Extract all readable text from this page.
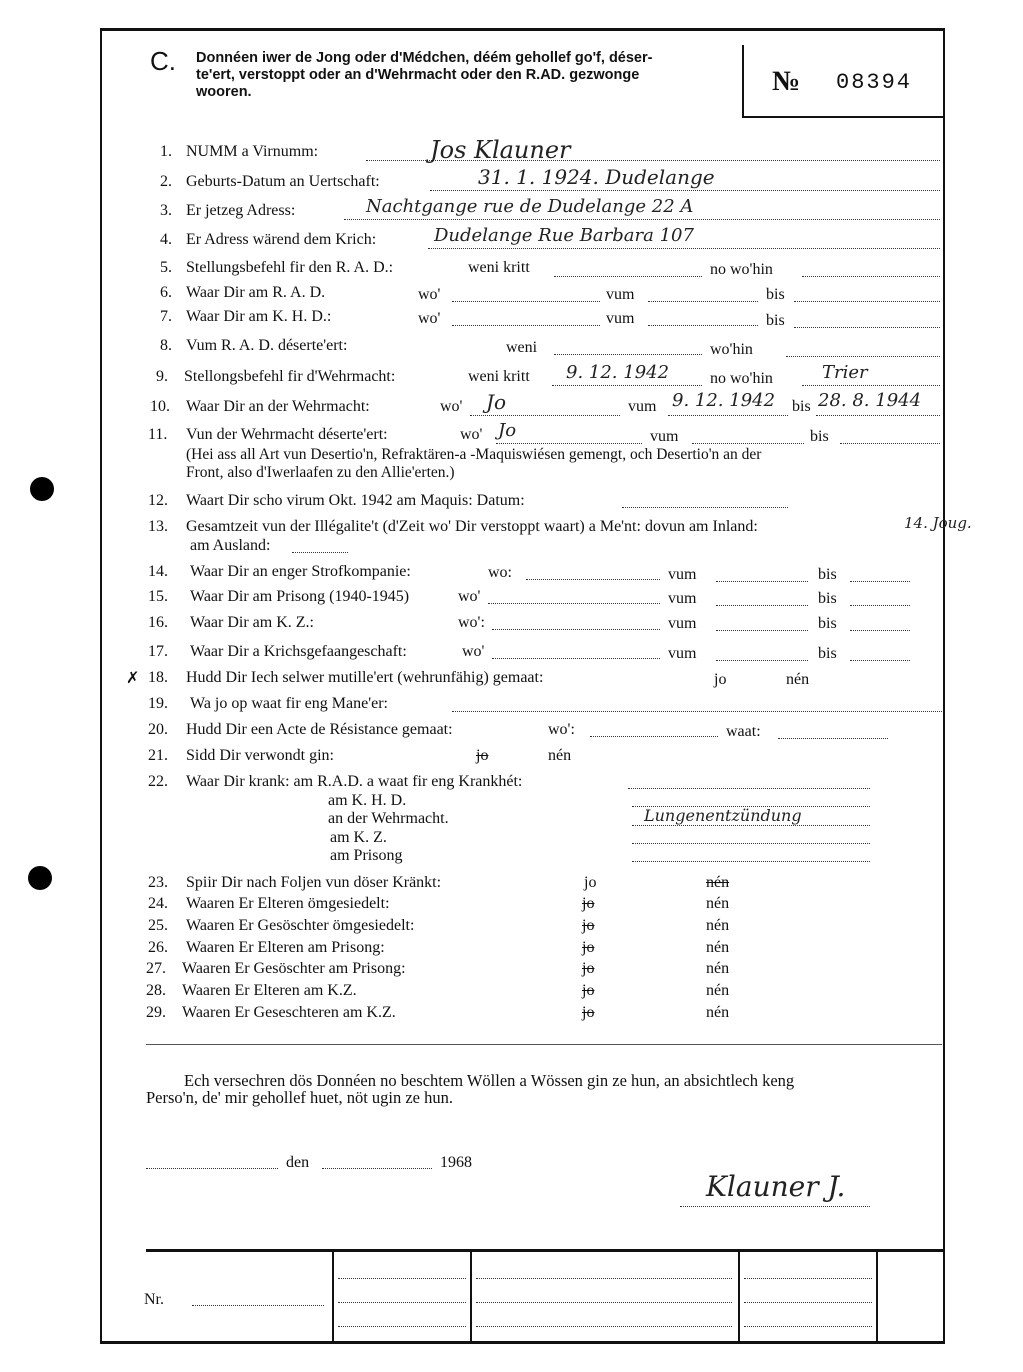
C. Donnéen iwer de Jong oder d'Médchen, déém gehollef go'f, déser-
te'ert, verstoppt oder an d'Wehrmacht oder den R.AD. gezwonge
wooren.	№ 08394
1. NUMM a Virnumm:	Jos Klauner
2. Geburts-Datum an Uertschaft:	31. 1. 1924. Dudelange
3. Er jetzeg Adress:	Nachtgange rue de Dudelange 22 A
4. Er Adress wärend dem Krich:	Dudelange Rue Barbara 107
5. Stellungsbefehl fir den R. A. D.:	weni kritt	no wo'hin
6. Waar Dir am R. A. D.	wo'	vum	bis
7. Waar Dir am K. H. D.:	wo'	vum	bis
8. Vum R. A. D. déserte'ert:	weni	wo'hin
9. Stellongsbefehl fir d'Wehrmacht:	weni kritt 9. 12. 1942	no wo'hin	Trier
10. Waar Dir an der Wehrmacht:	wo' Jo	vum 9. 12. 1942 bis 28. 8. 1944
11. Vun der Wehrmacht déserte'ert:	wo' Jo	vum	bis
(Hei ass all Art vun Desertio'n, Refraktären-a -Maquiswiésen gemengt, och Desertio'n an der
Front, also d'Iwerlaafen zu den Allie'erten.)
12. Waart Dir scho virum Okt. 1942 am Maquis: Datum:
13. Gesamtzeit vun der Illégalite't (d'Zeit wo' Dir verstoppt waart) a Me'nt: dovun am Inland:	14. Joug.
am Ausland:
14. Waar Dir an enger Strofkompanie:	wo:	vum	bis
15. Waar Dir am Prisong (1940-1945)	wo'	vum	bis
16. Waar Dir am K. Z.:	wo':	vum	bis
17. Waar Dir a Krichsgefaangeschaft:	wo'	vum	bis
✗ 18. Hudd Dir Iech selwer mutille'ert (wehrunfähig) gemaat:	jo	nén
19. Wa jo op waat fir eng Mane'er:
20. Hudd Dir een Acte de Résistance gemaat:	wo':	waat:
21. Sidd Dir verwondt gin:	jo	nén
22. Waar Dir krank: am R.A.D. a waat fir eng Krankhét:
am K. H. D.
an der Wehrmacht.	Lungenentzündung
am K. Z.
am Prisong
23. Spiir Dir nach Foljen vun döser Kränkt:	jo	nén
24. Waaren Er Elteren ömgesiedelt:	jo	nén
25. Waaren Er Gesöschter ömgesiedelt:	jo	nén
26. Waaren Er Elteren am Prisong:	jo	nén
27. Waaren Er Gesöschter am Prisong:	jo	nén
28. Waaren Er Elteren am K.Z.	jo	nén
29. Waaren Er Geseschteren am K.Z.	jo	nén
Ech versechren dös Donnéen no beschtem Wöllen a Wössen gin ze hun, an absichtlech keng
Perso'n, de' mir gehollef huet, nöt ugin ze hun.
den	1968
Klauner J.
Nr.
